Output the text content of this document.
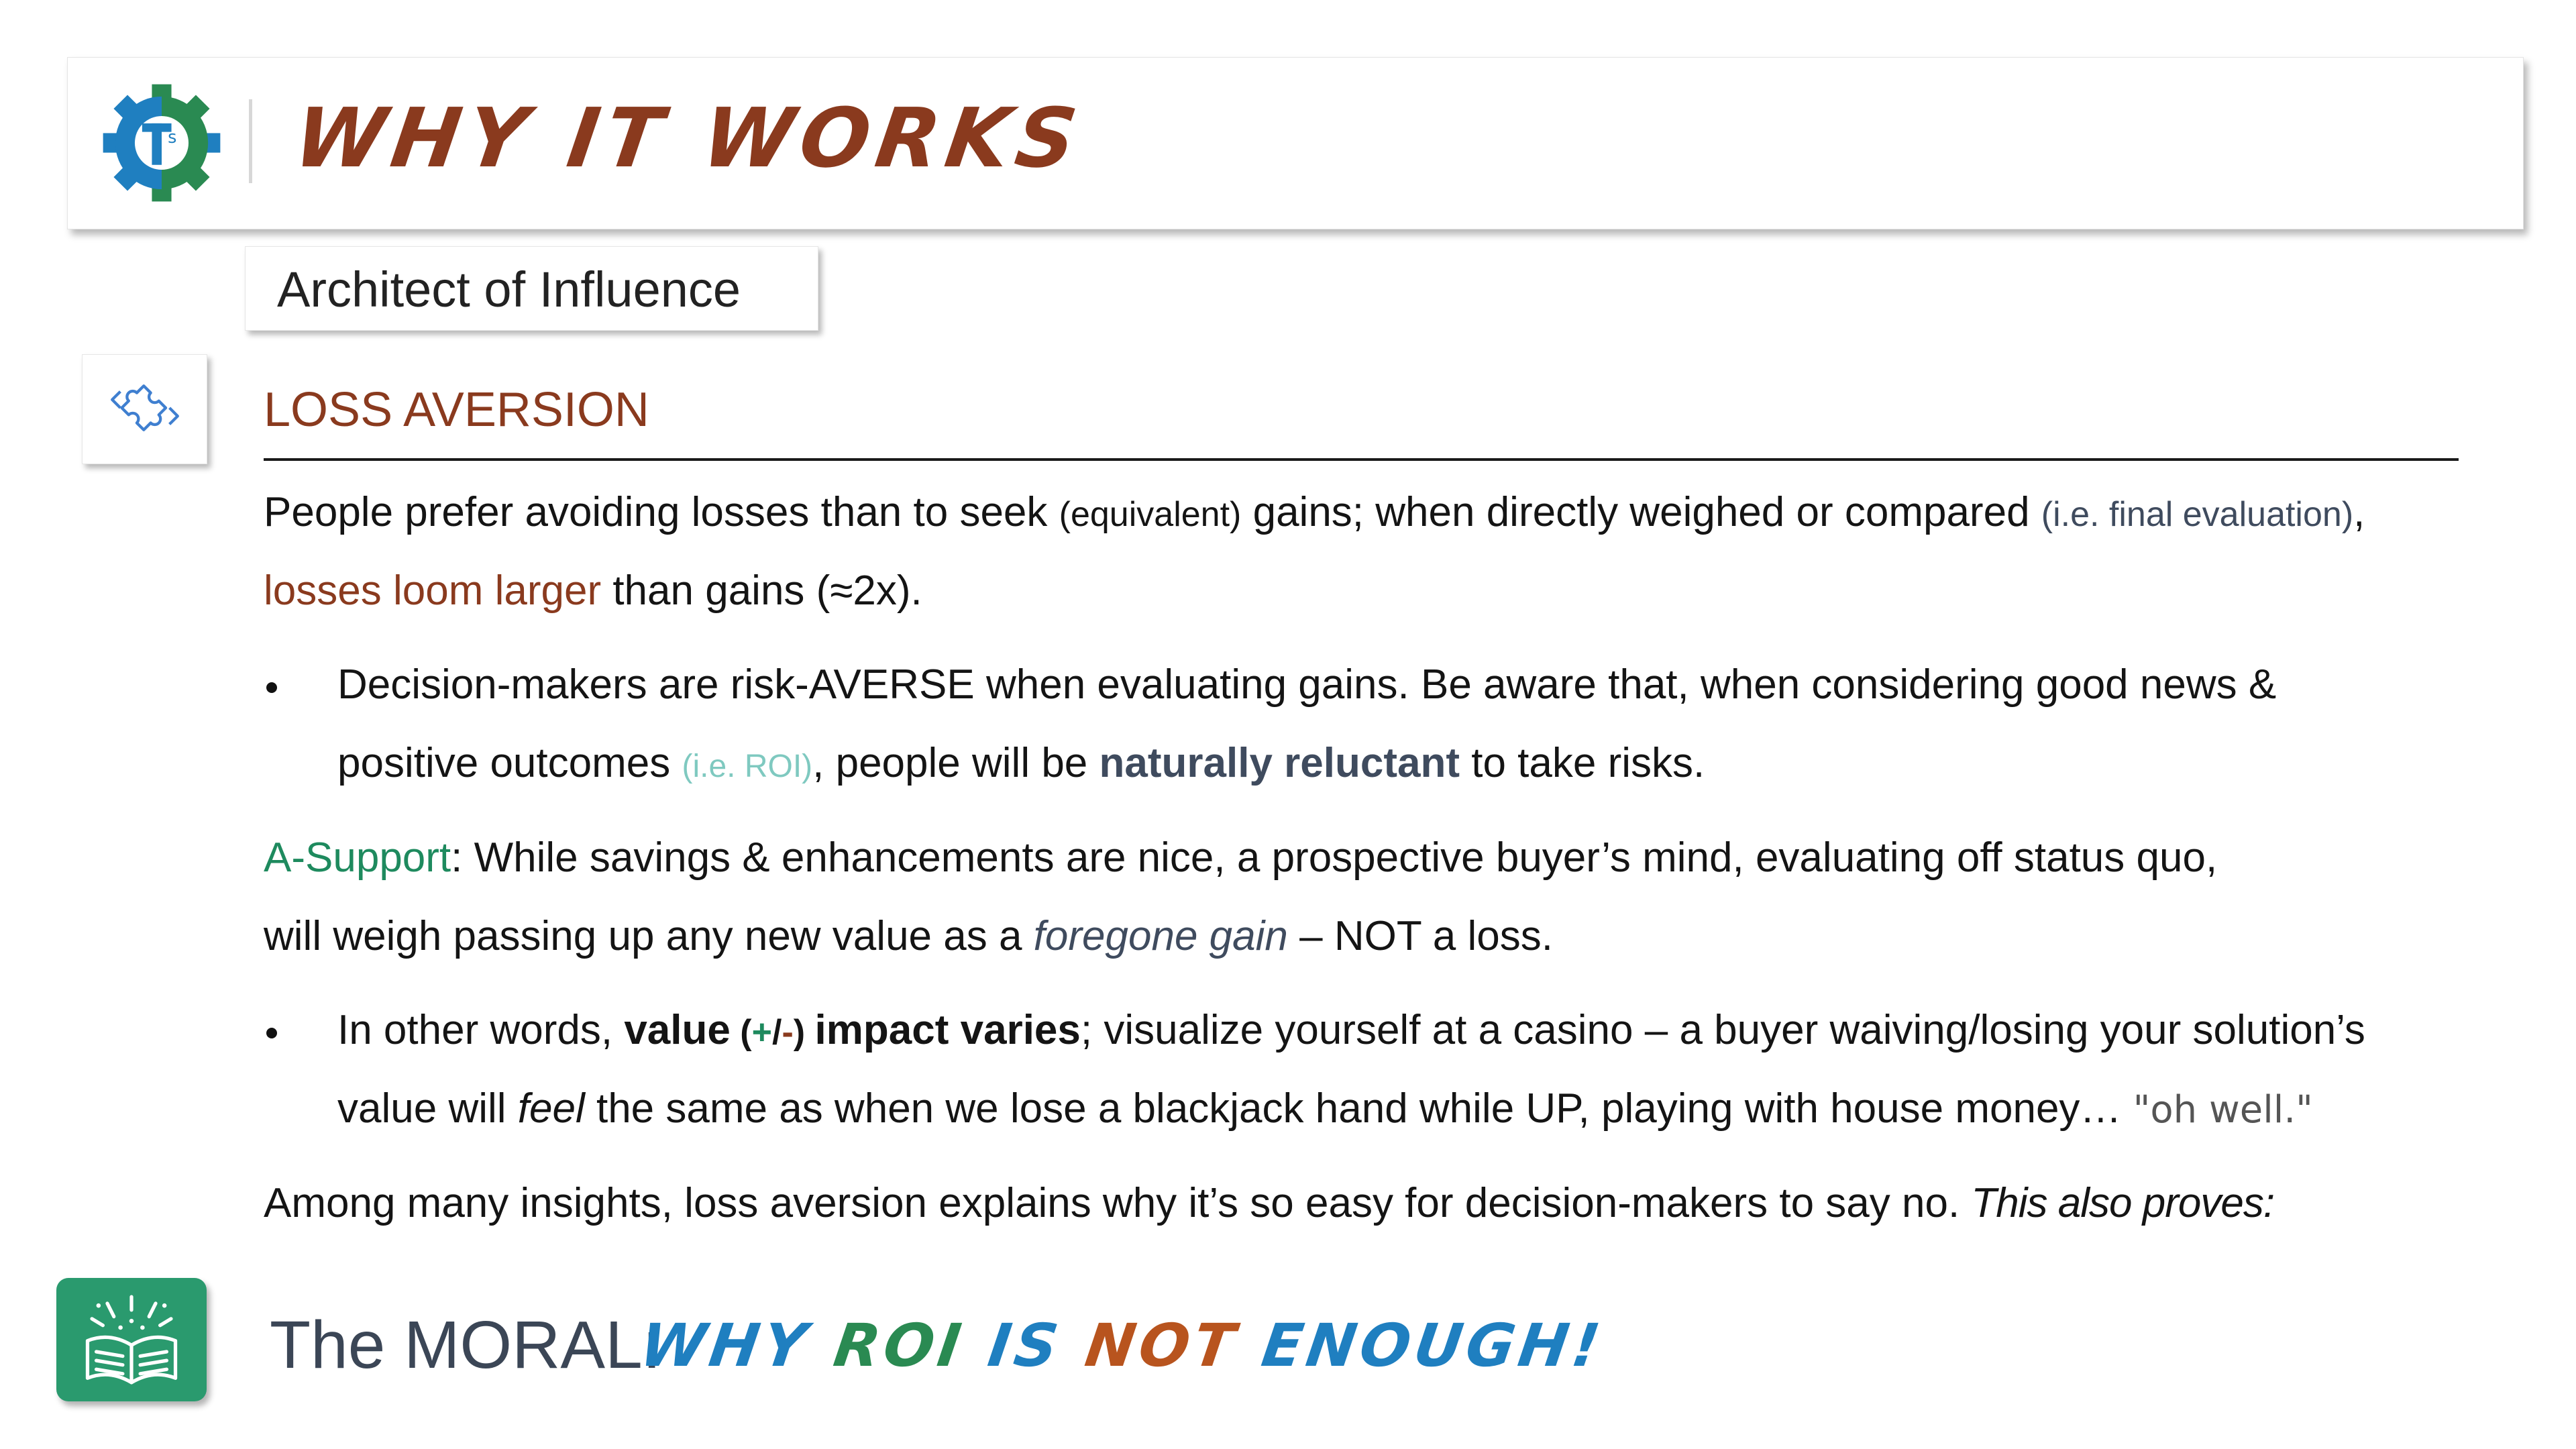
s WHY IT WORKS
Architect of Influence
LOSS AVERSION
People prefer avoiding losses than to seek (equivalent) gains; when directly weighed or compared (i.e. final evaluation),
losses loom larger than gains (≈2x).
Decision-makers are risk-AVERSE when evaluating gains. Be aware that, when considering good news &
positive outcomes (i.e. ROI), people will be naturally reluctant to take risks.
A-Support: While savings & enhancements are nice, a prospective buyer’s mind, evaluating off status quo,
will weigh passing up any new value as a foregone gain – NOT a loss.
In other words, value (+/-) impact varies; visualize yourself at a casino – a buyer waiving/losing your solution’s
value will feel the same as when we lose a blackjack hand while UP, playing with house money… "oh well."
Among many insights, loss aversion explains why it’s so easy for decision-makers to say no. This also proves:
The MORAL:
WHY ROI IS NOT ENOUGH!
